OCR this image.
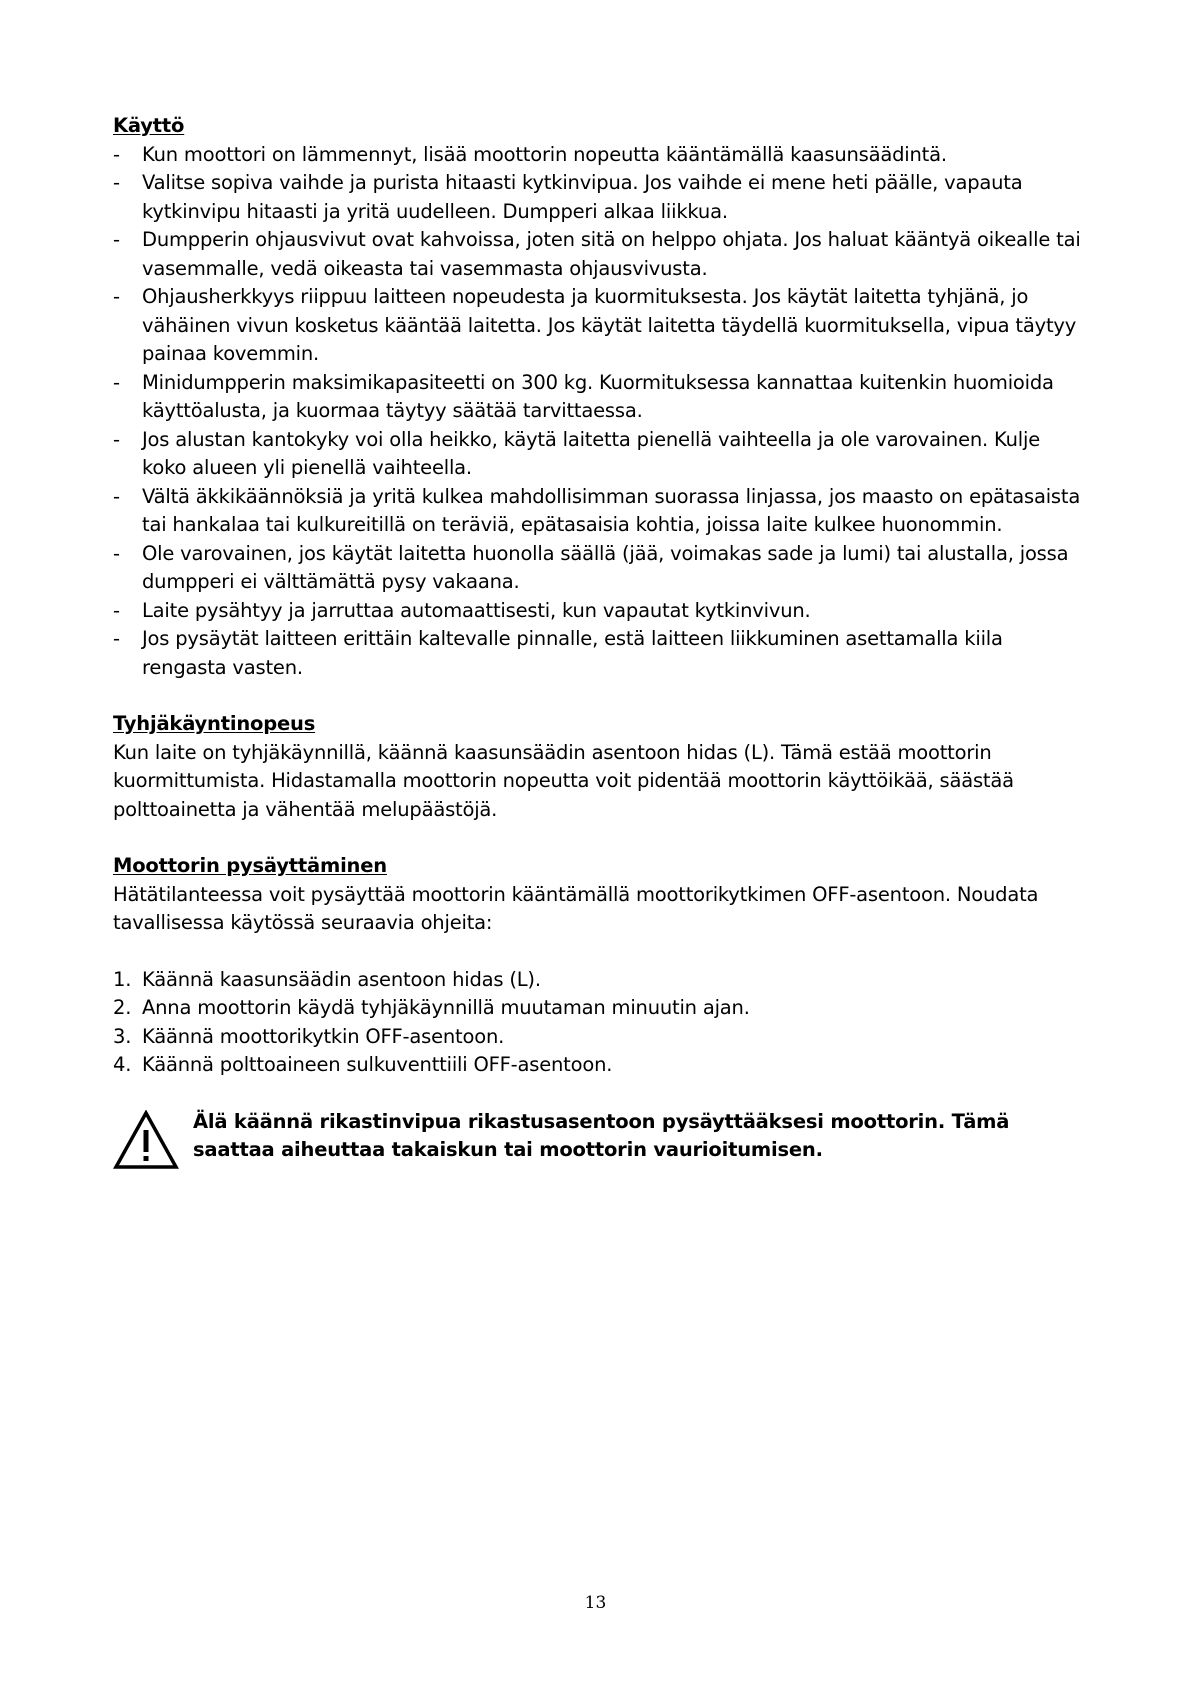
Käyttö
-	Kun moottori on lämmennyt, lisää moottorin nopeutta kääntämällä kaasunsäädintä.
-	Valitse sopiva vaihde ja purista hitaasti kytkinvipua. Jos vaihde ei mene heti päälle, vapauta kytkinvipu hitaasti ja yritä uudelleen. Dumpperi alkaa liikkua.
-	Dumpperin ohjausvivut ovat kahvoissa, joten sitä on helppo ohjata. Jos haluat kääntyä oikealle tai vasemmalle, vedä oikeasta tai vasemmasta ohjausvivusta.
-	Ohjausherkkyys riippuu laitteen nopeudesta ja kuormituksesta. Jos käytät laitetta tyhjänä, jo vähäinen vivun kosketus kääntää laitetta. Jos käytät laitetta täydellä kuormituksella, vipua täytyy painaa kovemmin.
-	Minidumpperin maksimikapasiteetti on 300 kg. Kuormituksessa kannattaa kuitenkin huomioida käyttöalusta, ja kuormaa täytyy säätää tarvittaessa.
-	Jos alustan kantokyky voi olla heikko, käytä laitetta pienellä vaihteella ja ole varovainen. Kulje koko alueen yli pienellä vaihteella.
-	Vältä äkkikäännöksiä ja yritä kulkea mahdollisimman suorassa linjassa, jos maasto on epätasaista tai hankalaa tai kulkureitillä on teräviä, epätasaisia kohtia, joissa laite kulkee huonommin.
-	Ole varovainen, jos käytät laitetta huonolla säällä (jää, voimakas sade ja lumi) tai alustalla, jossa dumpperi ei välttämättä pysy vakaana.
-	Laite pysähtyy ja jarruttaa automaattisesti, kun vapautat kytkinvivun.
-	Jos pysäytät laitteen erittäin kaltevalle pinnalle, estä laitteen liikkuminen asettamalla kiila rengasta vasten.
Tyhjäkäyntinopeus

Kun laite on tyhjäkäynnillä, käännä kaasunsäädin asentoon hidas (L). Tämä estää moottorin kuormittumista. Hidastamalla moottorin nopeutta voit pidentää moottorin käyttöikää, säästää polttoainetta ja vähentää melupäästöjä.

Moottorin pysäyttäminen

Hätätilanteessa voit pysäyttää moottorin kääntämällä moottorikytkimen OFF-asentoon. Noudata tavallisessa käytössä seuraavia ohjeita:

1. Käännä kaasunsäädin asentoon hidas (L).
2. Anna moottorin käydä tyhjäkäynnillä muutaman minuutin ajan.
3. Käännä moottorikytkin OFF-asentoon.
4. Käännä polttoaineen sulkuventtiili OFF-asentoon.
Älä käännä rikastinvipua rikastusasentoon pysäyttääksesi moottorin. Tämä saattaa aiheuttaa takaiskun tai moottorin vaurioitumisen.
13
